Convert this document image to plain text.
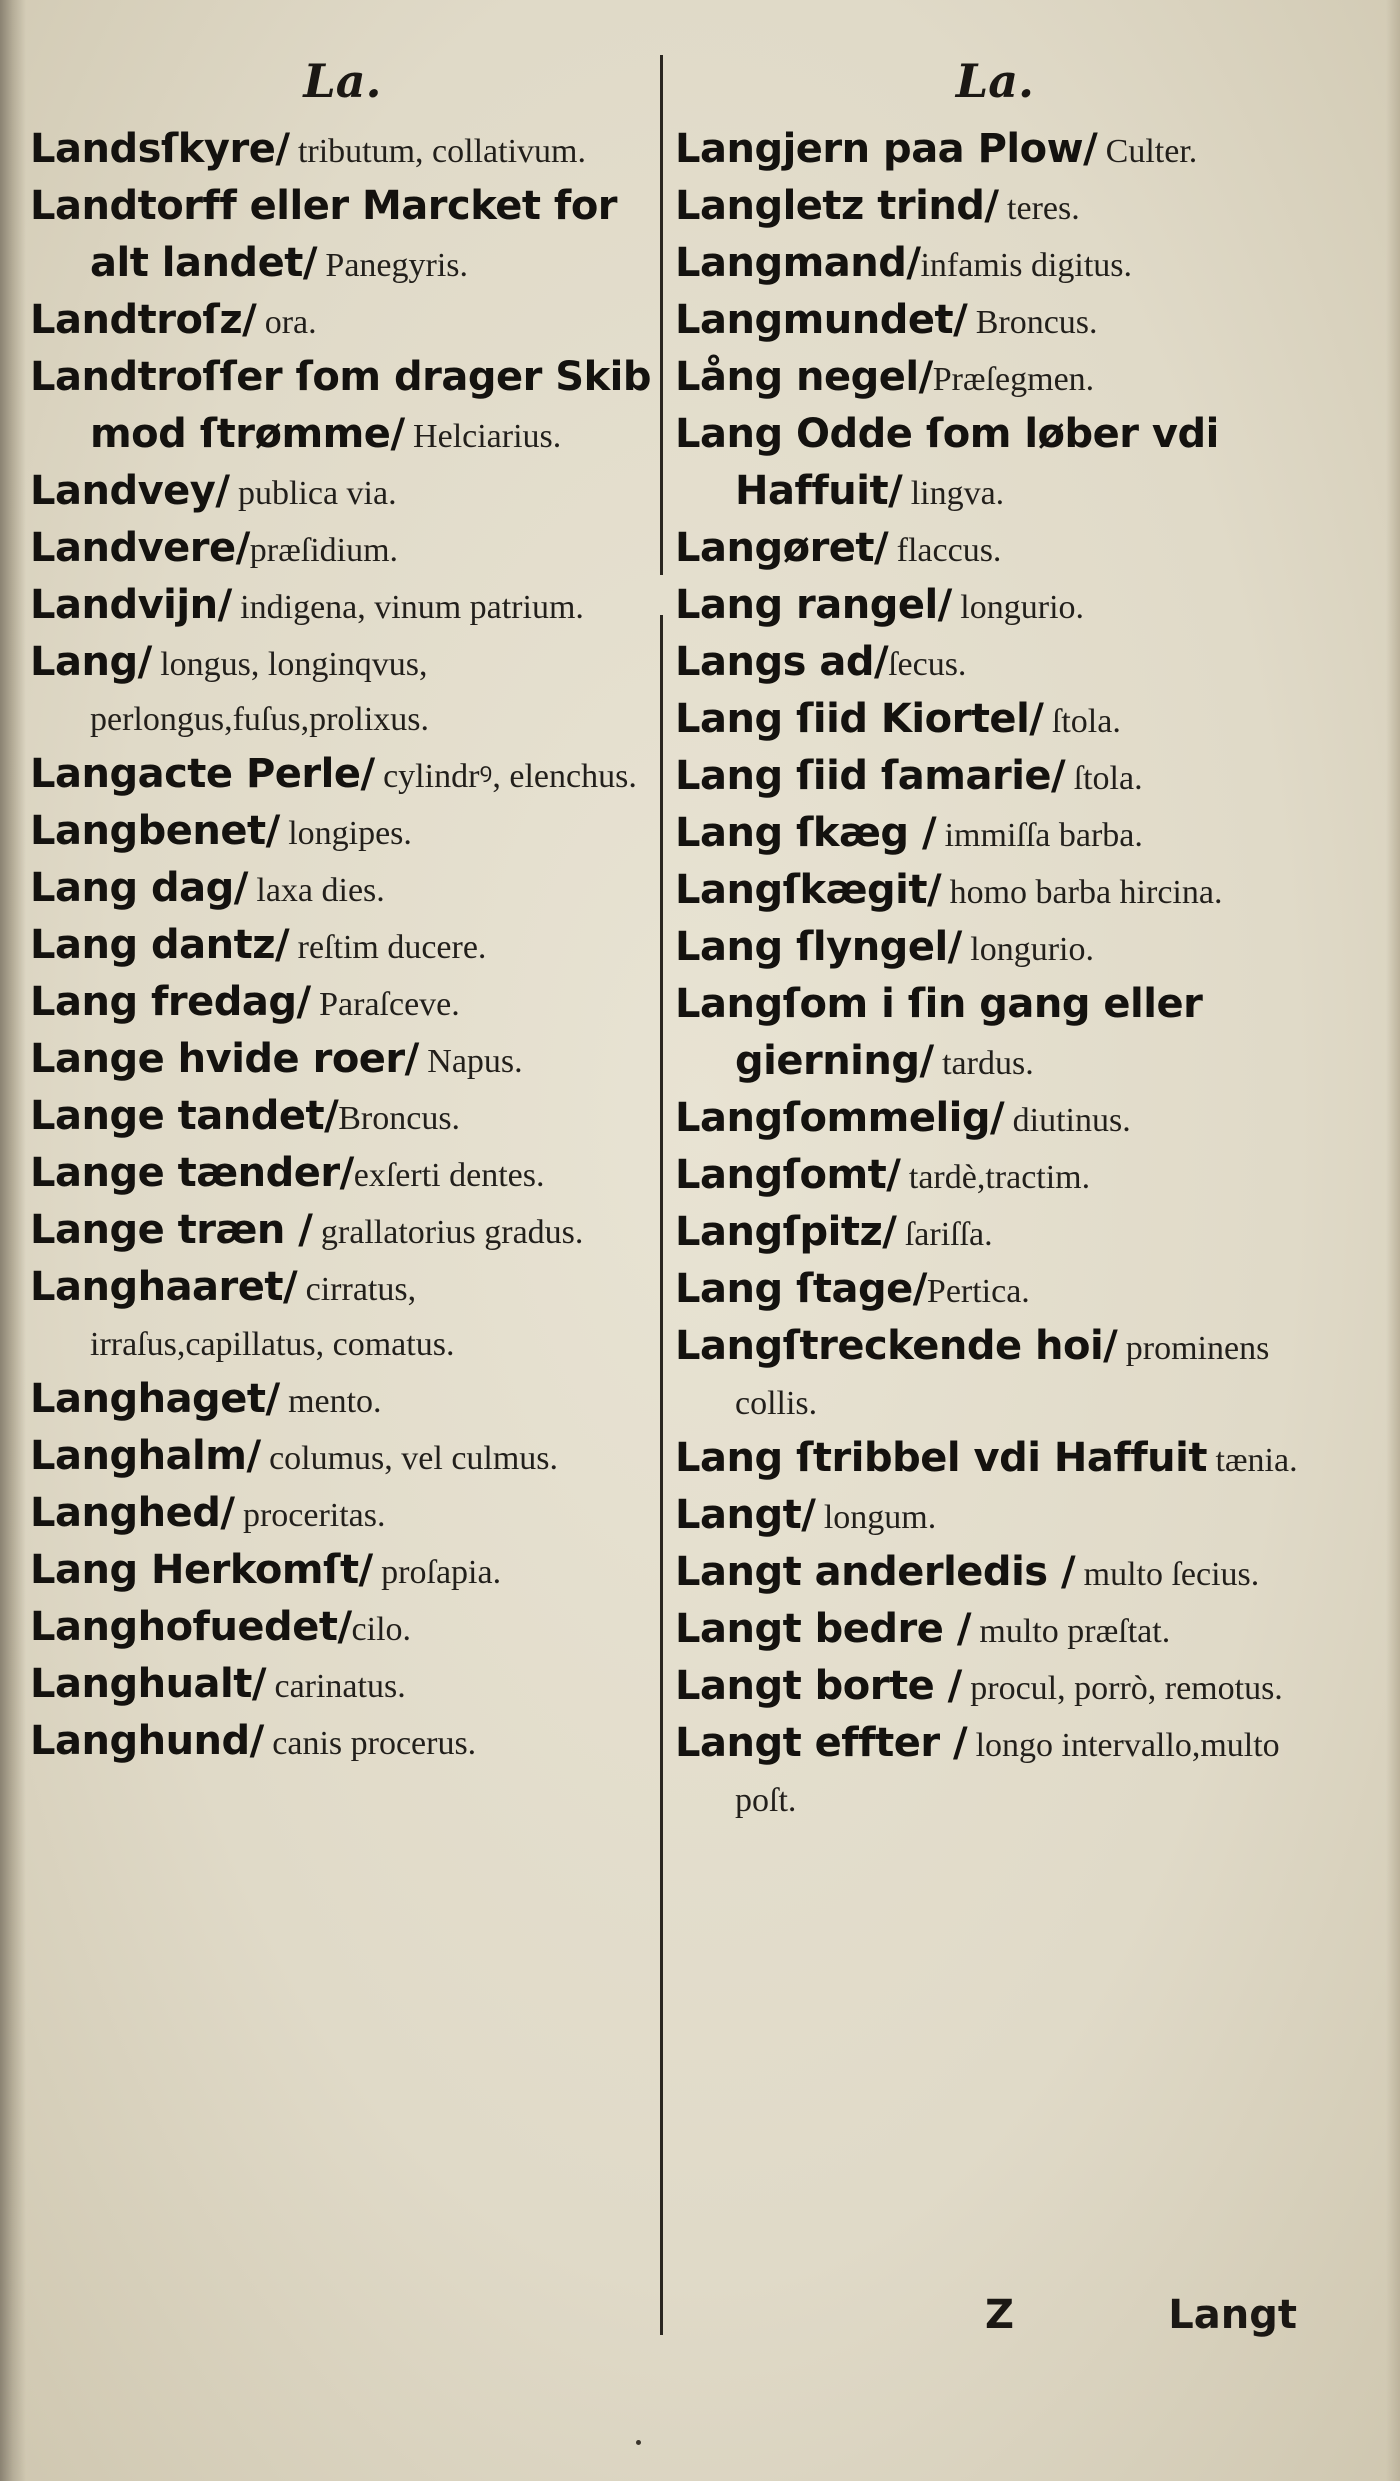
La.
Landsſkyre/ tributum, collativum.
Landtorff eller Marcket for alt landet/ Panegyris.
Landtroſz/ ora.
Landtroſſer ſom drager Skib mod ſtrømme/ Helciarius.
Landvey/ publica via.
Landvere/præſidium.
Landvijn/ indigena, vinum patrium.
Lang/ longus, longinqvus, perlongus,fuſus,prolixus.
Langacte Perle/ cylindrꝰ, elenchus.
Langbenet/ longipes.
Lang dag/ laxa dies.
Lang dantz/ reſtim ducere.
Lang fredag/ Paraſceve.
Lange hvide roer/ Napus.
Lange tandet/Broncus.
Lange tænder/exſerti dentes.
Lange træn / grallatorius gradus.
Langhaaret/ cirratus, irraſus,capillatus, comatus.
Langhaget/ mento.
Langhalm/ columus, vel culmus.
Langhed/ proceritas.
Lang Herkomſt/ proſapia.
Langhofuedet/cilo.
Langhualt/ carinatus.
Langhund/ canis procerus.
La.
Langjern paa Plow/ Culter.
Langletz trind/ teres.
Langmand/infamis digitus.
Langmundet/ Broncus.
Lång negel/Præſegmen.
Lang Odde ſom løber vdi Haffuit/ lingva.
Langøret/ flaccus.
Lang rangel/ longurio.
Langs ad/ſecus.
Lang ſiid Kiortel/ ſtola.
Lang ſiid ſamarie/ ſtola.
Lang ſkæg / immiſſa barba.
Langſkægit/ homo barba hircina.
Lang ſlyngel/ longurio.
Langſom i ſin gang eller gierning/ tardus.
Langſommelig/ diutinus.
Langſomt/ tardè,tractim.
Langſpitz/ ſariſſa.
Lang ſtage/Pertica.
Langſtreckende hoi/ prominens collis.
Lang ſtribbel vdi Haffuit tænia.
Langt/ longum.
Langt anderledis / multo ſecius.
Langt bedre / multo præſtat.
Langt borte / procul, porrò, remotus.
Langt effter / longo intervallo,multo poſt.
Z	Langt
